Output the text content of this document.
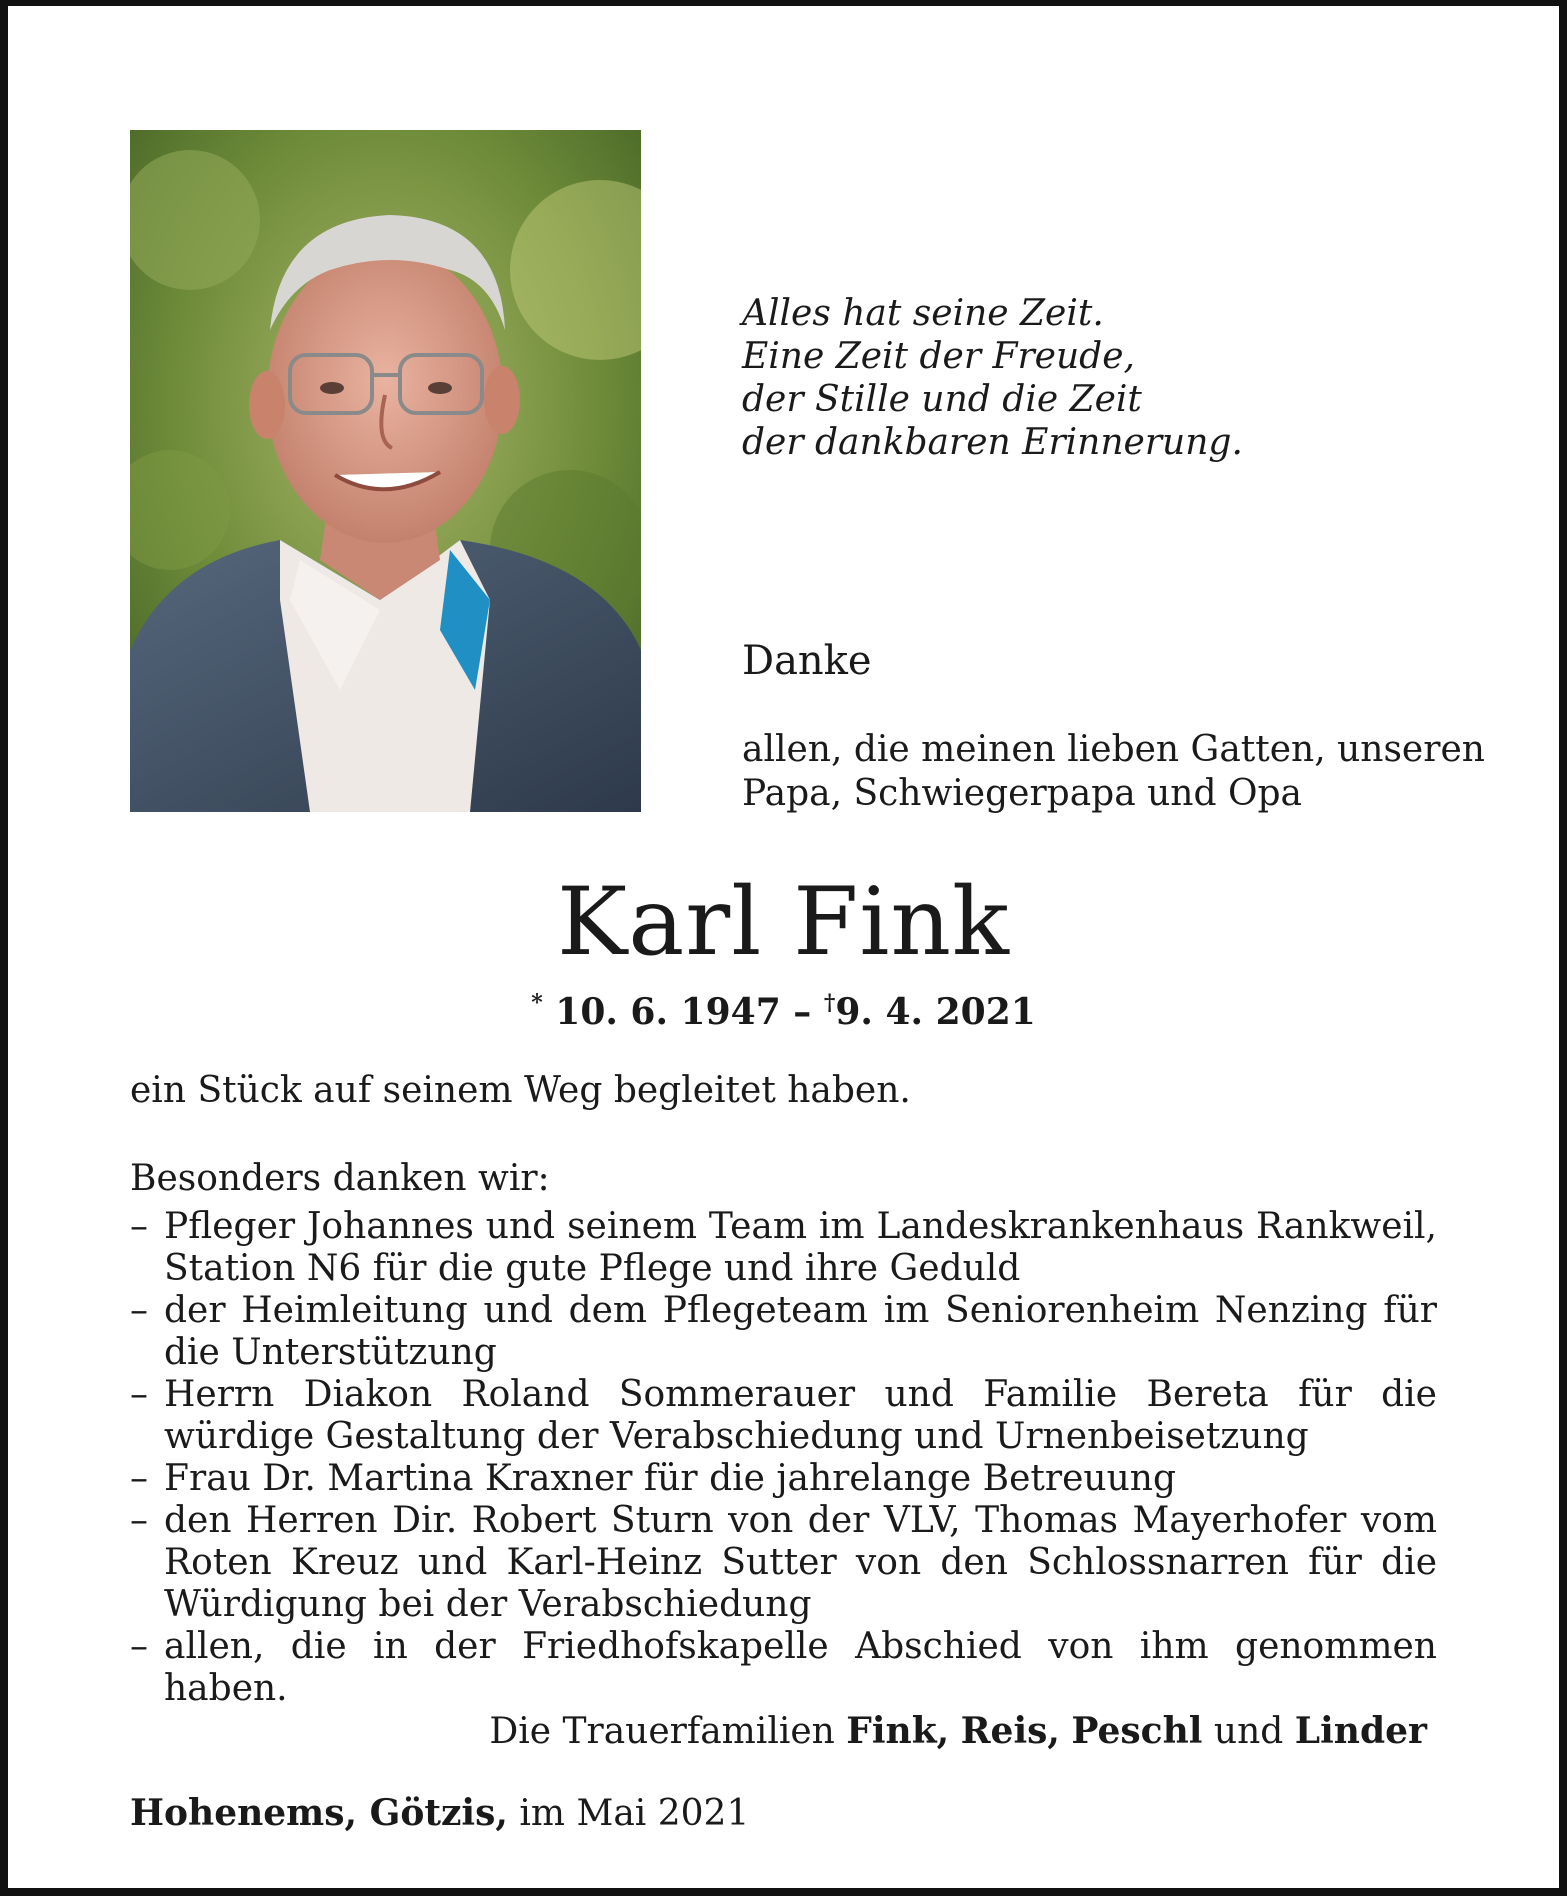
Alles hat seine Zeit.
Eine Zeit der Freude,
der Stille und die Zeit
der dankbaren Erinnerung.
Danke
allen, die meinen lieben Gatten, unseren
Papa, Schwiegerpapa und Opa
Karl Fink
* 10. 6. 1947 – †9. 4. 2021
ein Stück auf seinem Weg begleitet haben.
Besonders danken wir:
– Pfleger Johannes und seinem Team im Landeskrankenhaus Rankweil, Station N6 für die gute Pflege und ihre Geduld
– der Heimleitung und dem Pflegeteam im Seniorenheim Nenzing für die Unterstützung
– Herrn Diakon Roland Sommerauer und Familie Bereta für die würdige Gestaltung der Verabschiedung und Urnenbeisetzung
– Frau Dr. Martina Kraxner für die jahrelange Betreuung
– den Herren Dir. Robert Sturn von der VLV, Thomas Mayerhofer vom Roten Kreuz und Karl-Heinz Sutter von den Schlossnarren für die Würdigung bei der Verabschiedung
– allen, die in der Friedhofskapelle Abschied von ihm genommen haben.
Die Trauerfamilien Fink, Reis, Peschl und Linder
Hohenems, Götzis, im Mai 2021
